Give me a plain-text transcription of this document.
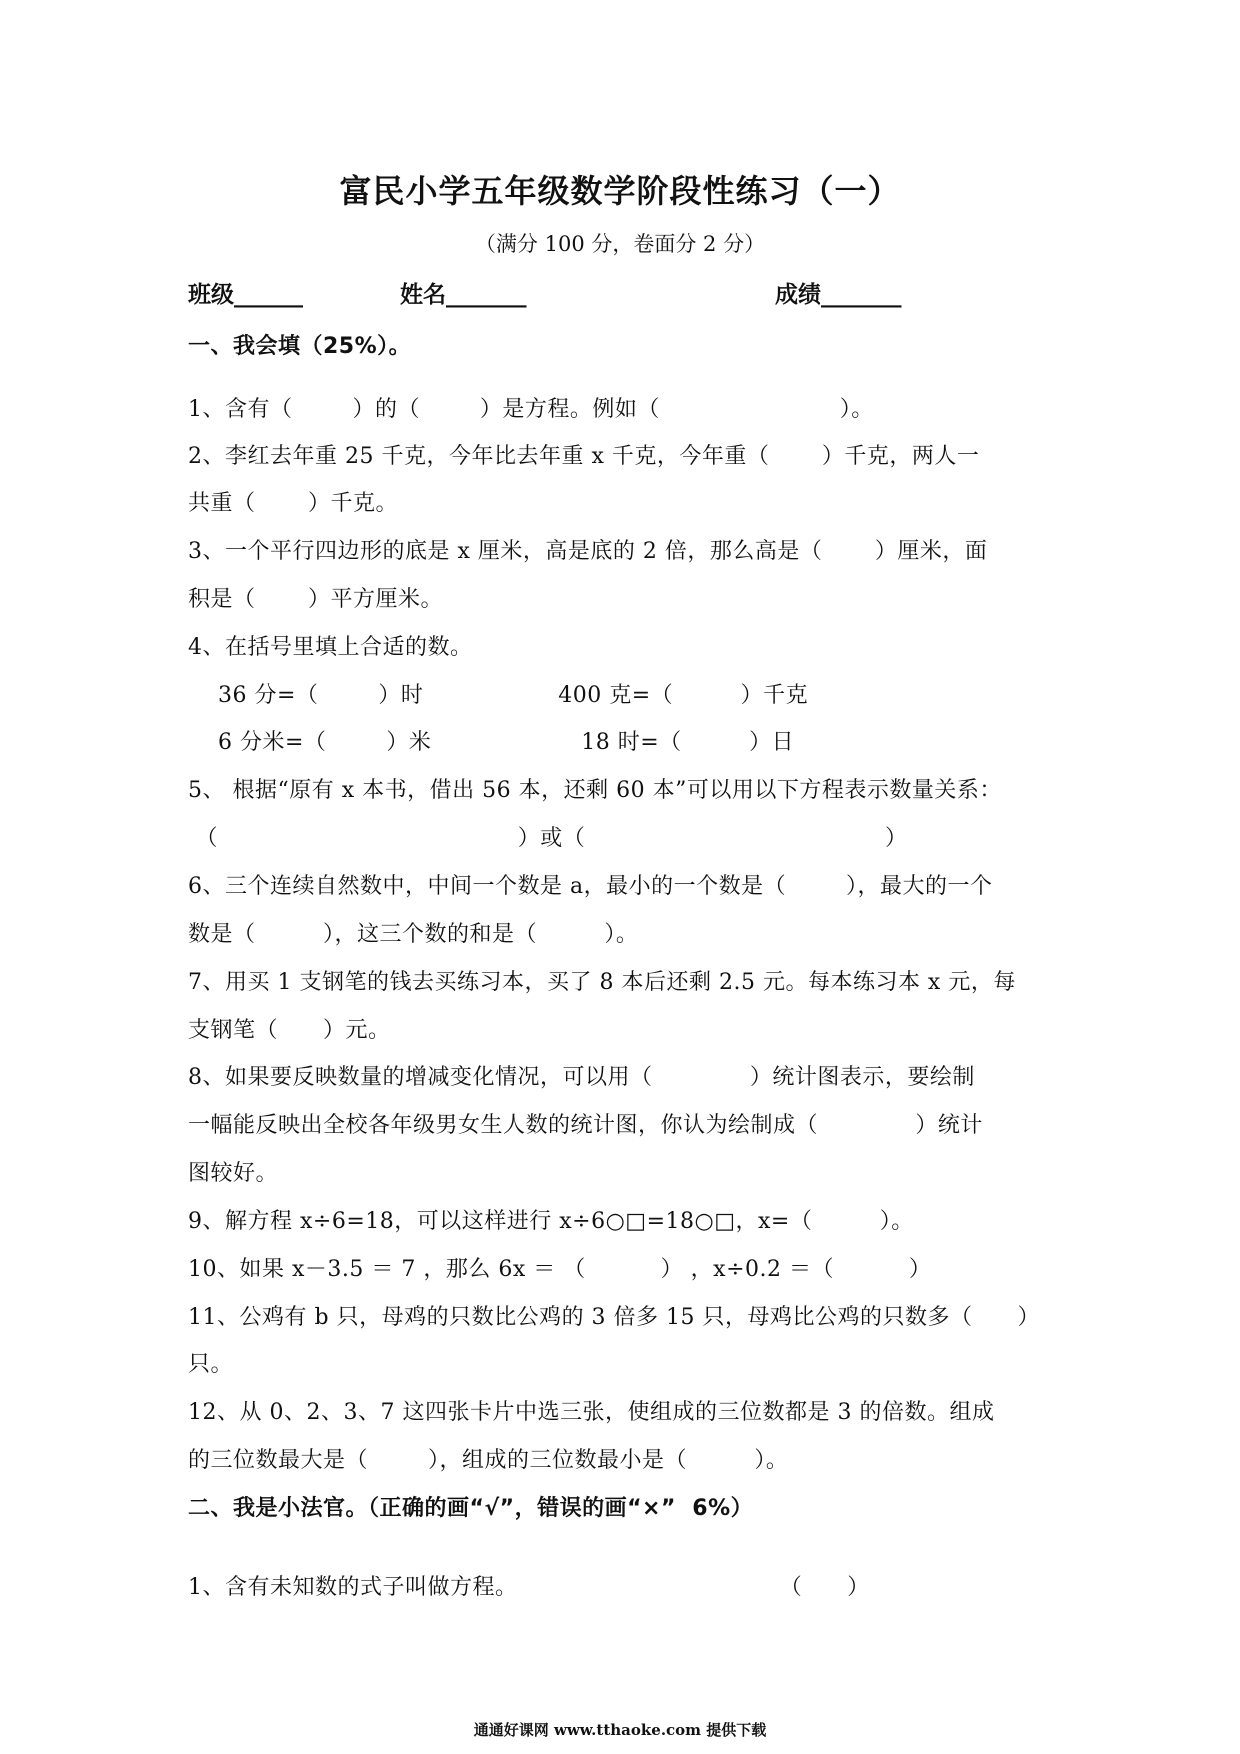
富民小学五年级数学阶段性练习（一）
（满分 100 分，卷面分 2 分）
班级______	姓名_______	成绩_______
一、我会填（25%）。
1、含有（        ）的（        ）是方程。例如（                        ）。
2、李红去年重 25 千克，今年比去年重 x 千克，今年重（       ）千克，两人一
共重（       ）千克。
3、一个平行四边形的底是 x 厘米，高是底的 2 倍，那么高是（       ）厘米，面
积是（       ）平方厘米。
4、在括号里填上合适的数。
36 分=（        ）时                  400 克=（         ）千克
6 分米=（        ）米                    18 时=（         ）日
5、 根据“原有 x 本书，借出 56 本，还剩 60 本”可以用以下方程表示数量关系：
（                                        ）或（                                        ）
6、三个连续自然数中，中间一个数是 a，最小的一个数是（        ），最大的一个
数是（         ），这三个数的和是（         ）。
7、用买 1 支钢笔的钱去买练习本，买了 8 本后还剩 2.5 元。每本练习本 x 元，每
支钢笔（      ）元。
8、如果要反映数量的增减变化情况，可以用（             ）统计图表示，要绘制
一幅能反映出全校各年级男女生人数的统计图，你认为绘制成（             ）统计
图较好。
9、解方程 x÷6=18，可以这样进行 x÷6○□=18○□，x=（         ）。
10、如果 x－3.5 ＝ 7 ，那么 6x ＝ （          ） ，x÷0.2 ＝（          ）
11、公鸡有 b 只，母鸡的只数比公鸡的 3 倍多 15 只，母鸡比公鸡的只数多（      ）
只。
12、从 0、2、3、7 这四张卡片中选三张，使组成的三位数都是 3 的倍数。组成
的三位数最大是（        ），组成的三位数最小是（         ）。
二、我是小法官。（正确的画“√”，错误的画“×”  6%）
1、含有未知数的式子叫做方程。                                   （      ）
通通好课网 www.tthaoke.com 提供下载
